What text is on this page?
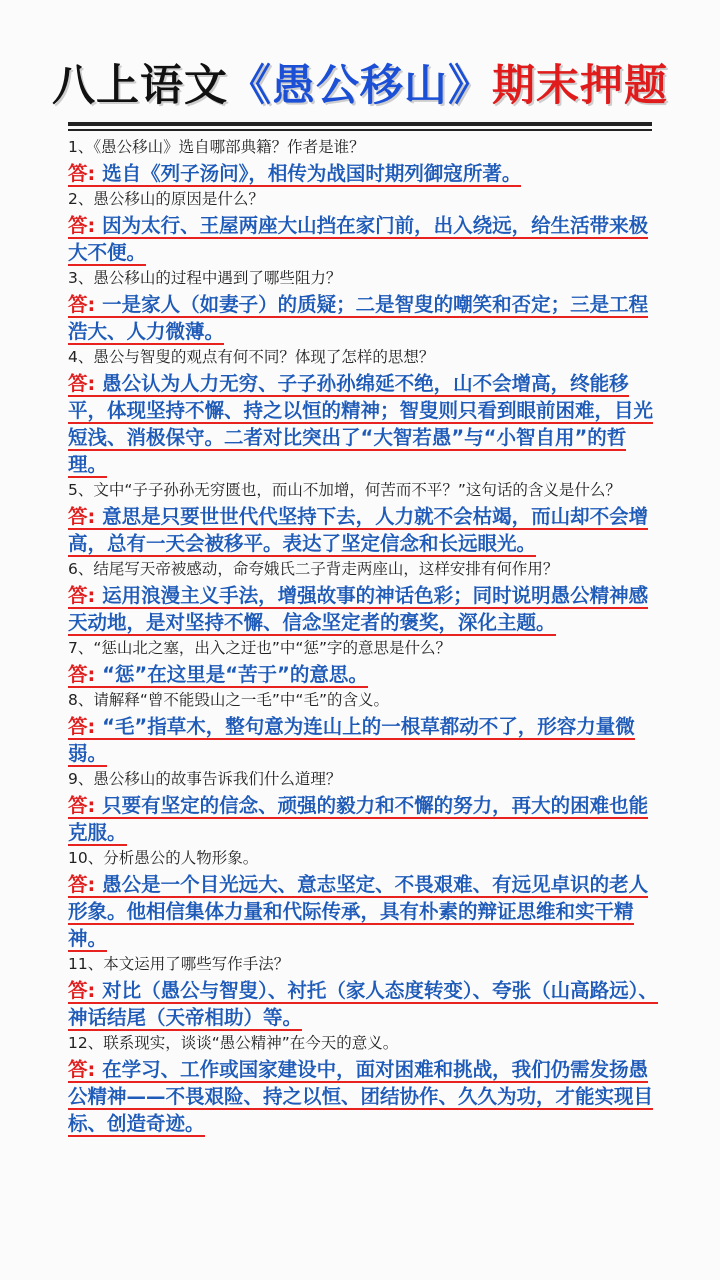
八上语文《愚公移山》期末押题
1、《愚公移山》选自哪部典籍？作者是谁？
答: 选自《列子汤问》，相传为战国时期列御寇所著。
2、愚公移山的原因是什么？
答: 因为太行、王屋两座大山挡在家门前，出入绕远，给生活带来极大不便。
3、愚公移山的过程中遇到了哪些阻力？
答: 一是家人（如妻子）的质疑；二是智叟的嘲笑和否定；三是工程浩大、人力微薄。
4、愚公与智叟的观点有何不同？体现了怎样的思想？
答: 愚公认为人力无穷、子子孙孙绵延不绝，山不会增高，终能移平，体现坚持不懈、持之以恒的精神；智叟则只看到眼前困难，目光短浅、消极保守。二者对比突出了“大智若愚”与“小智自用”的哲理。
5、文中“子子孙孙无穷匮也，而山不加增，何苦而不平？”这句话的含义是什么？
答: 意思是只要世世代代坚持下去，人力就不会枯竭，而山却不会增高，总有一天会被移平。表达了坚定信念和长远眼光。
6、结尾写天帝被感动，命夸娥氏二子背走两座山，这样安排有何作用？
答: 运用浪漫主义手法，增强故事的神话色彩；同时说明愚公精神感天动地，是对坚持不懈、信念坚定者的褒奖，深化主题。
7、“惩山北之塞，出入之迂也”中“惩”字的意思是什么？
答: “惩”在这里是“苦于”的意思。
8、请解释“曾不能毁山之一毛”中“毛”的含义。
答: “毛”指草木，整句意为连山上的一根草都动不了，形容力量微弱。
9、愚公移山的故事告诉我们什么道理？
答: 只要有坚定的信念、顽强的毅力和不懈的努力，再大的困难也能克服。
10、分析愚公的人物形象。
答: 愚公是一个目光远大、意志坚定、不畏艰难、有远见卓识的老人形象。他相信集体力量和代际传承，具有朴素的辩证思维和实干精神。
11、本文运用了哪些写作手法？
答: 对比（愚公与智叟）、衬托（家人态度转变）、夸张（山高路远）、神话结尾（天帝相助）等。
12、联系现实，谈谈“愚公精神”在今天的意义。
答: 在学习、工作或国家建设中，面对困难和挑战，我们仍需发扬愚公精神——不畏艰险、持之以恒、团结协作、久久为功，才能实现目标、创造奇迹。
